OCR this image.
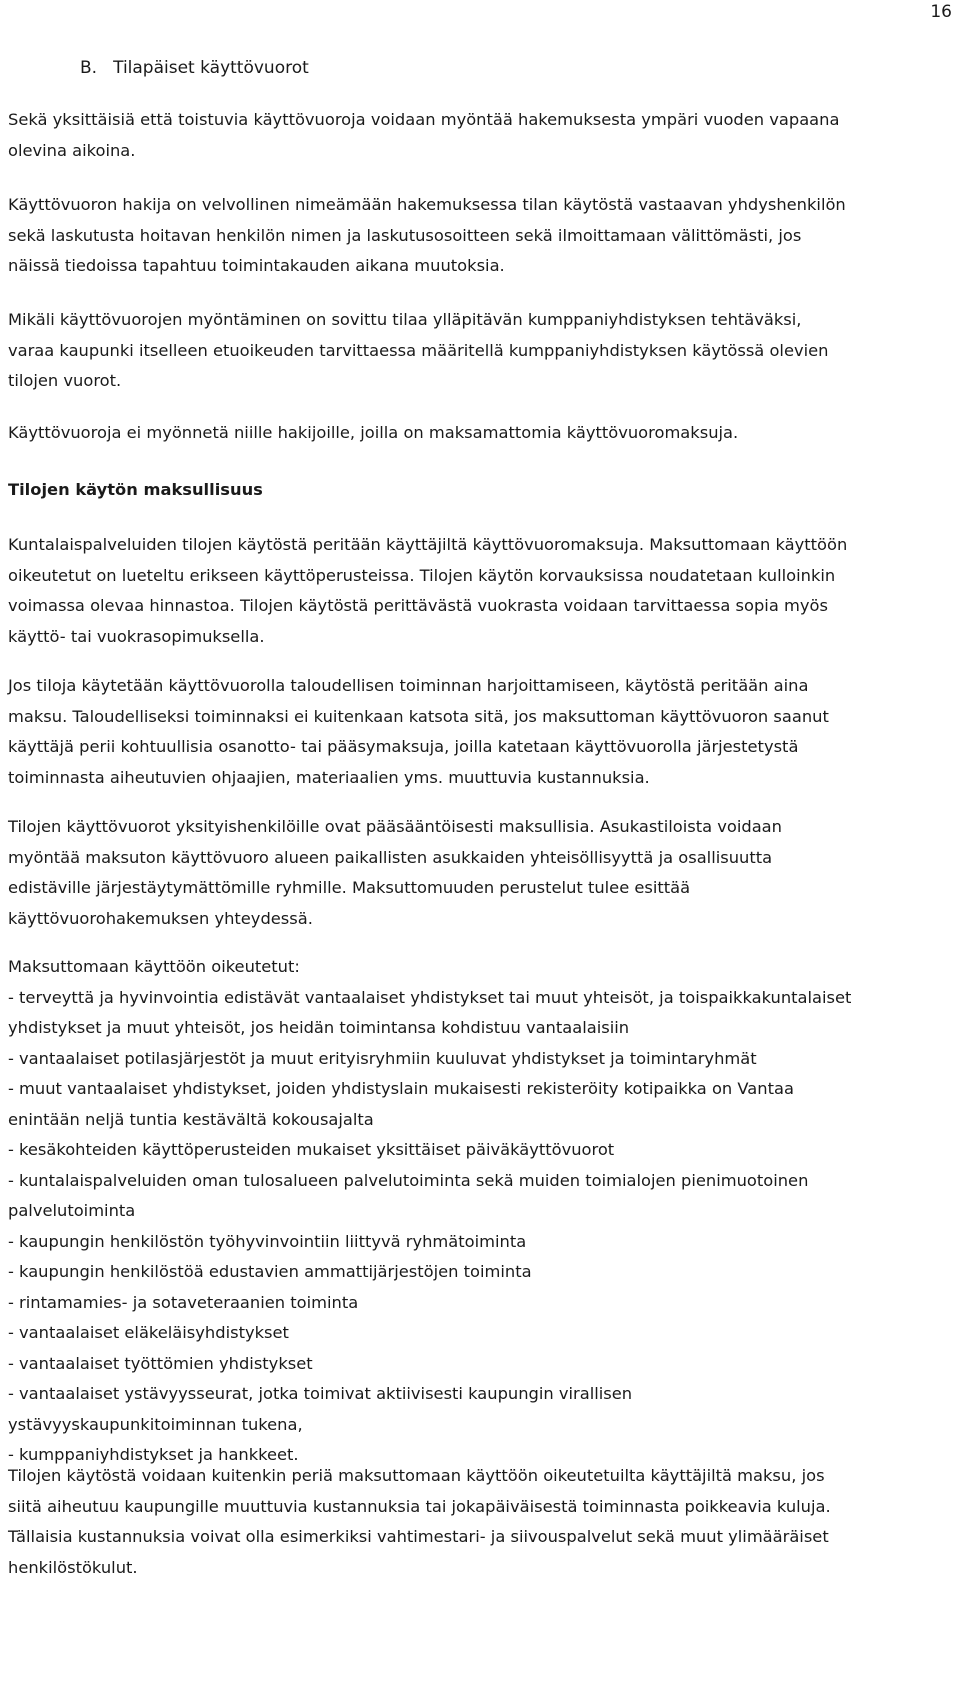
16
B. Tilapäiset käyttövuorot
Sekä yksittäisiä että toistuvia käyttövuoroja voidaan myöntää hakemuksesta ympäri vuoden vapaana
olevina aikoina.
Käyttövuoron hakija on velvollinen nimeämään hakemuksessa tilan käytöstä vastaavan yhdyshenkilön
sekä laskutusta hoitavan henkilön nimen ja laskutusosoitteen sekä ilmoittamaan välittömästi, jos
näissä tiedoissa tapahtuu toimintakauden aikana muutoksia.
Mikäli käyttövuorojen myöntäminen on sovittu tilaa ylläpitävän kumppaniyhdistyksen tehtäväksi,
varaa kaupunki itselleen etuoikeuden tarvittaessa määritellä kumppaniyhdistyksen käytössä olevien
tilojen vuorot.
Käyttövuoroja ei myönnetä niille hakijoille, joilla on maksamattomia käyttövuoromaksuja.
Tilojen käytön maksullisuus
Kuntalaispalveluiden tilojen käytöstä peritään käyttäjiltä käyttövuoromaksuja. Maksuttomaan käyttöön
oikeutetut on lueteltu erikseen käyttöperusteissa. Tilojen käytön korvauksissa noudatetaan kulloinkin
voimassa olevaa hinnastoa. Tilojen käytöstä perittävästä vuokrasta voidaan tarvittaessa sopia myös
käyttö- tai vuokrasopimuksella.
Jos tiloja käytetään käyttövuorolla taloudellisen toiminnan harjoittamiseen, käytöstä peritään aina
maksu. Taloudelliseksi toiminnaksi ei kuitenkaan katsota sitä, jos maksuttoman käyttövuoron saanut
käyttäjä perii kohtuullisia osanotto- tai pääsymaksuja, joilla katetaan käyttövuorolla järjestetystä
toiminnasta aiheutuvien ohjaajien, materiaalien yms. muuttuvia kustannuksia.
Tilojen käyttövuorot yksityishenkilöille ovat pääsääntöisesti maksullisia. Asukastiloista voidaan
myöntää maksuton käyttövuoro alueen paikallisten asukkaiden yhteisöllisyyttä ja osallisuutta
edistäville järjestäytymättömille ryhmille. Maksuttomuuden perustelut tulee esittää
käyttövuorohakemuksen yhteydessä.
Maksuttomaan käyttöön oikeutetut:
- terveyttä ja hyvinvointia edistävät vantaalaiset yhdistykset tai muut yhteisöt, ja toispaikkakuntalaiset
yhdistykset ja muut yhteisöt, jos heidän toimintansa kohdistuu vantaalaisiin
- vantaalaiset potilasjärjestöt ja muut erityisryhmiin kuuluvat yhdistykset ja toimintaryhmät
- muut vantaalaiset yhdistykset, joiden yhdistyslain mukaisesti rekisteröity kotipaikka on Vantaa
enintään neljä tuntia kestävältä kokousajalta
- kesäkohteiden käyttöperusteiden mukaiset yksittäiset päiväkäyttövuorot
- kuntalaispalveluiden oman tulosalueen palvelutoiminta sekä muiden toimialojen pienimuotoinen
palvelutoiminta
- kaupungin henkilöstön työhyvinvointiin liittyvä ryhmätoiminta
- kaupungin henkilöstöä edustavien ammattijärjestöjen toiminta
- rintamamies- ja sotaveteraanien toiminta
- vantaalaiset eläkeläisyhdistykset
- vantaalaiset työttömien yhdistykset
- vantaalaiset ystävyysseurat, jotka toimivat aktiivisesti kaupungin virallisen
ystävyyskaupunkitoiminnan tukena,
- kumppaniyhdistykset ja hankkeet.
Tilojen käytöstä voidaan kuitenkin periä maksuttomaan käyttöön oikeutetuilta käyttäjiltä maksu, jos
siitä aiheutuu kaupungille muuttuvia kustannuksia tai jokapäiväisestä toiminnasta poikkeavia kuluja.
Tällaisia kustannuksia voivat olla esimerkiksi vahtimestari- ja siivouspalvelut sekä muut ylimääräiset
henkilöstökulut.
